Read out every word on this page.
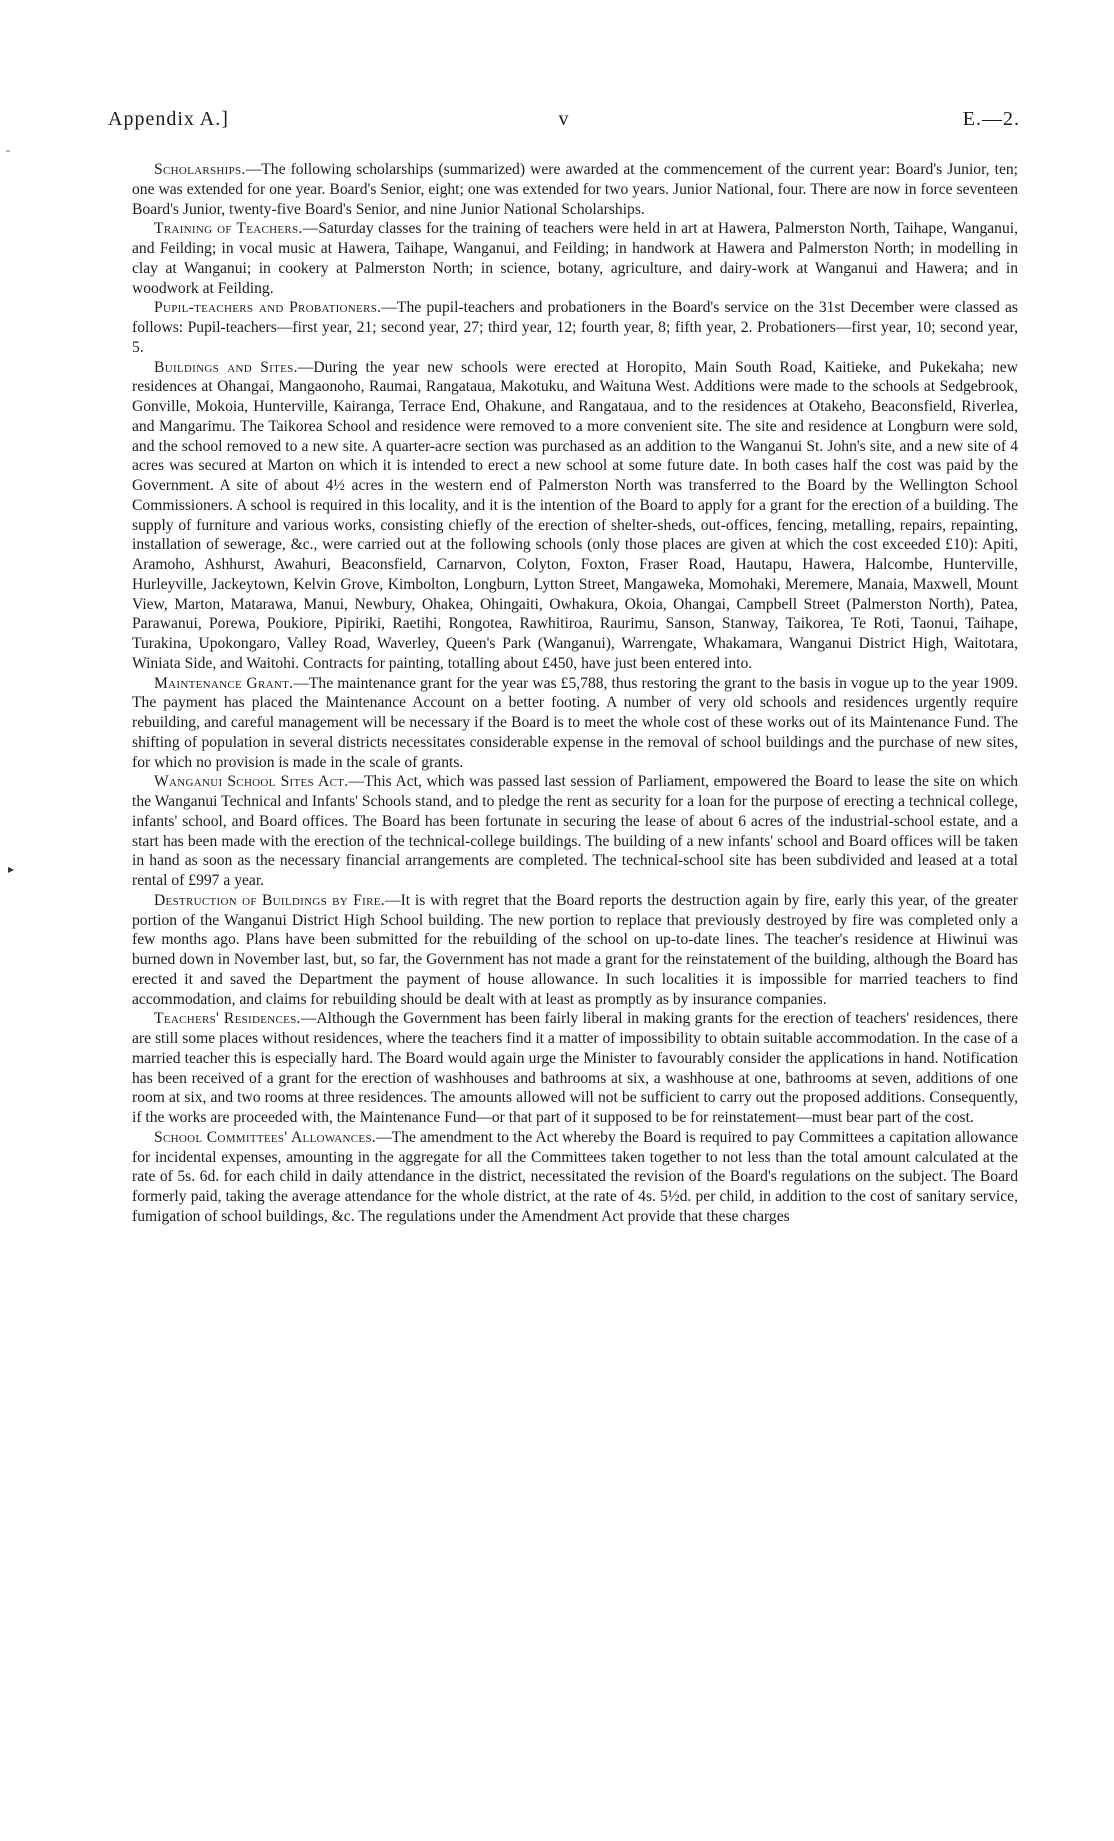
Appendix A.]	v	E.—2.

Scholarships.—The following scholarships (summarized) were awarded at the commencement of the current year: Board's Junior, ten; one was extended for one year. Board's Senior, eight; one was extended for two years. Junior National, four. There are now in force seventeen Board's Junior, twenty-five Board's Senior, and nine Junior National Scholarships.

Training of Teachers.—Saturday classes for the training of teachers were held in art at Hawera, Palmerston North, Taihape, Wanganui, and Feilding; in vocal music at Hawera, Taihape, Wanganui, and Feilding; in handwork at Hawera and Palmerston North; in modelling in clay at Wanganui; in cookery at Palmerston North; in science, botany, agriculture, and dairy-work at Wanganui and Hawera; and in woodwork at Feilding.

Pupil-teachers and Probationers.—The pupil-teachers and probationers in the Board's service on the 31st December were classed as follows: Pupil-teachers—first year, 21; second year, 27; third year, 12; fourth year, 8; fifth year, 2. Probationers—first year, 10; second year, 5.

Buildings and Sites.—During the year new schools were erected at Horopito, Main South Road, Kaitieke, and Pukekaha; new residences at Ohangai, Mangaonoho, Raumai, Rangataua, Makotuku, and Waituna West. Additions were made to the schools at Sedgebrook, Gonville, Mokoia, Hunterville, Kairanga, Terrace End, Ohakune, and Rangataua, and to the residences at Otakeho, Beaconsfield, Riverlea, and Mangarimu. The Taikorea School and residence were removed to a more convenient site. The site and residence at Longburn were sold, and the school removed to a new site. A quarter-acre section was purchased as an addition to the Wanganui St. John's site, and a new site of 4 acres was secured at Marton on which it is intended to erect a new school at some future date. In both cases half the cost was paid by the Government. A site of about 4½ acres in the western end of Palmerston North was transferred to the Board by the Wellington School Commissioners. A school is required in this locality, and it is the intention of the Board to apply for a grant for the erection of a building. The supply of furniture and various works, consisting chiefly of the erection of shelter-sheds, out-offices, fencing, metalling, repairs, repainting, installation of sewerage, &c., were carried out at the following schools (only those places are given at which the cost exceeded £10): Apiti, Aramoho, Ashhurst, Awahuri, Beaconsfield, Carnarvon, Colyton, Foxton, Fraser Road, Hautapu, Hawera, Halcombe, Hunterville, Hurleyville, Jackeytown, Kelvin Grove, Kimbolton, Longburn, Lytton Street, Mangaweka, Momohaki, Meremere, Manaia, Maxwell, Mount View, Marton, Matarawa, Manui, Newbury, Ohakea, Ohingaiti, Owhakura, Okoia, Ohangai, Campbell Street (Palmerston North), Patea, Parawanui, Porewa, Poukiore, Pipiriki, Raetihi, Rongotea, Rawhitiroa, Raurimu, Sanson, Stanway, Taikorea, Te Roti, Taonui, Taihape, Turakina, Upokongaro, Valley Road, Waverley, Queen's Park (Wanganui), Warrengate, Whakamara, Wanganui District High, Waitotara, Winiata Side, and Waitohi. Contracts for painting, totalling about £450, have just been entered into.

Maintenance Grant.—The maintenance grant for the year was £5,788, thus restoring the grant to the basis in vogue up to the year 1909. The payment has placed the Maintenance Account on a better footing. A number of very old schools and residences urgently require rebuilding, and careful management will be necessary if the Board is to meet the whole cost of these works out of its Maintenance Fund. The shifting of population in several districts necessitates considerable expense in the removal of school buildings and the purchase of new sites, for which no provision is made in the scale of grants.

Wanganui School Sites Act.—This Act, which was passed last session of Parliament, empowered the Board to lease the site on which the Wanganui Technical and Infants' Schools stand, and to pledge the rent as security for a loan for the purpose of erecting a technical college, infants' school, and Board offices. The Board has been fortunate in securing the lease of about 6 acres of the industrial-school estate, and a start has been made with the erection of the technical-college buildings. The building of a new infants' school and Board offices will be taken in hand as soon as the necessary financial arrangements are completed. The technical-school site has been subdivided and leased at a total rental of £997 a year.

Destruction of Buildings by Fire.—It is with regret that the Board reports the destruction again by fire, early this year, of the greater portion of the Wanganui District High School building. The new portion to replace that previously destroyed by fire was completed only a few months ago. Plans have been submitted for the rebuilding of the school on up-to-date lines. The teacher's residence at Hiwinui was burned down in November last, but, so far, the Government has not made a grant for the reinstatement of the building, although the Board has erected it and saved the Department the payment of house allowance. In such localities it is impossible for married teachers to find accommodation, and claims for rebuilding should be dealt with at least as promptly as by insurance companies.

Teachers' Residences.—Although the Government has been fairly liberal in making grants for the erection of teachers' residences, there are still some places without residences, where the teachers find it a matter of impossibility to obtain suitable accommodation. In the case of a married teacher this is especially hard. The Board would again urge the Minister to favourably consider the applications in hand. Notification has been received of a grant for the erection of washhouses and bathrooms at six, a washhouse at one, bathrooms at seven, additions of one room at six, and two rooms at three residences. The amounts allowed will not be sufficient to carry out the proposed additions. Consequently, if the works are proceeded with, the Maintenance Fund—or that part of it supposed to be for reinstatement—must bear part of the cost.

School Committees' Allowances.—The amendment to the Act whereby the Board is required to pay Committees a capitation allowance for incidental expenses, amounting in the aggregate for all the Committees taken together to not less than the total amount calculated at the rate of 5s. 6d. for each child in daily attendance in the district, necessitated the revision of the Board's regulations on the subject. The Board formerly paid, taking the average attendance for the whole district, at the rate of 4s. 5½d. per child, in addition to the cost of sanitary service, fumigation of school buildings, &c. The regulations under the Amendment Act provide that these charges

-
▸
